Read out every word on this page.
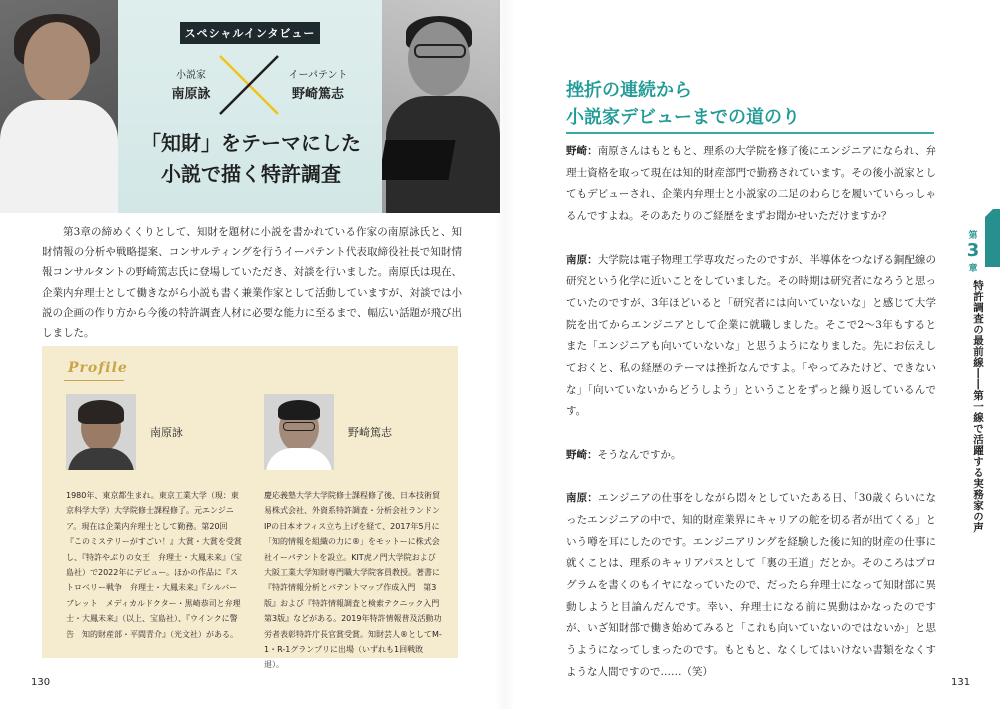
スペシャルインタビュー
小説家
南原詠
イーパテント
野崎篤志
「知財」をテーマにした
小説で描く特許調査

第3章の締めくくりとして、知財を題材に小説を書かれている作家の南原詠氏と、知財情報の分析や戦略提案、コンサルティングを行うイーパテント代表取締役社長で知財情報コンサルタントの野崎篤志氏に登場していただき、対談を行いました。南原氏は現在、企業内弁理士として働きながら小説も書く兼業作家として活動していますが、対談では小説の企画の作り方から今後の特許調査人材に必要な能力に至るまで、幅広い話題が飛び出しました。

Profile
南原詠

1980年、東京都生まれ。東京工業大学（現：東京科学大学）大学院修士課程修了。元エンジニア。現在は企業内弁理士として勤務。第20回『このミステリーがすごい！』大賞・大賞を受賞し、『特許やぶりの女王　弁理士・大鳳未来』（宝島社）で2022年にデビュー。ほかの作品に『ストロベリー戦争　弁理士・大鳳未来』『シルバーブレット　メディカルドクター・黒崎恭司と弁理士・大鳳未来』（以上、宝島社）、『ウインクに警告　知的財産部・平間青介』（光文社）がある。

野崎篤志

慶応義塾大学大学院修士課程修了後、日本技術貿易株式会社、外資系特許調査・分析会社ランドンIPの日本オフィス立ち上げを経て、2017年5月に「知的情報を組織の力に®」をモットーに株式会社イーパテントを設立。KIT虎ノ門大学院および大阪工業大学知財専門職大学院客員教授。著書に『特許情報分析とパテントマップ作成入門　第3版』および『特許情報調査と検索テクニック入門　第3版』などがある。2019年特許情報普及活動功労者表彰特許庁長官賞受賞。知財芸人®としてM-1・R-1グランプリに出場（いずれも1回戦敗退）。

130
挫折の連続から
小説家デビューまでの道のり

野崎：南原さんはもともと、理系の大学院を修了後にエンジニアになられ、弁理士資格を取って現在は知的財産部門で勤務されています。その後小説家としてもデビューされ、企業内弁理士と小説家の二足のわらじを履いていらっしゃるんですよね。そのあたりのご経歴をまずお聞かせいただけますか？

南原：大学院は電子物理工学専攻だったのですが、半導体をつなげる銅配線の研究という化学に近いことをしていました。その時期は研究者になろうと思っていたのですが、3年ほどいると「研究者には向いていないな」と感じて大学院を出てからエンジニアとして企業に就職しました。そこで2〜3年もするとまた「エンジニアも向いていないな」と思うようになりました。先にお伝えしておくと、私の経歴のテーマは挫折なんですよ。「やってみたけど、できないな」「向いていないからどうしよう」ということをずっと繰り返しているんです。

野崎：そうなんですか。

南原：エンジニアの仕事をしながら悶々としていたある日、「30歳くらいになったエンジニアの中で、知的財産業界にキャリアの舵を切る者が出てくる」という噂を耳にしたのです。エンジニアリングを経験した後に知的財産の仕事に就くことは、理系のキャリアパスとして「裏の王道」だとか。そのころはプログラムを書くのもイヤになっていたので、だったら弁理士になって知財部に異動しようと目論んだんです。幸い、弁理士になる前に異動はかなったのですが、いざ知財部で働き始めてみると「これも向いていないのではないか」と思うようになってしまったのです。もともと、なくしてはいけない書類をなくすような人間ですので……（笑）

第
3
章
特許調査の最前線――第一線で活躍する実務家の声
131
